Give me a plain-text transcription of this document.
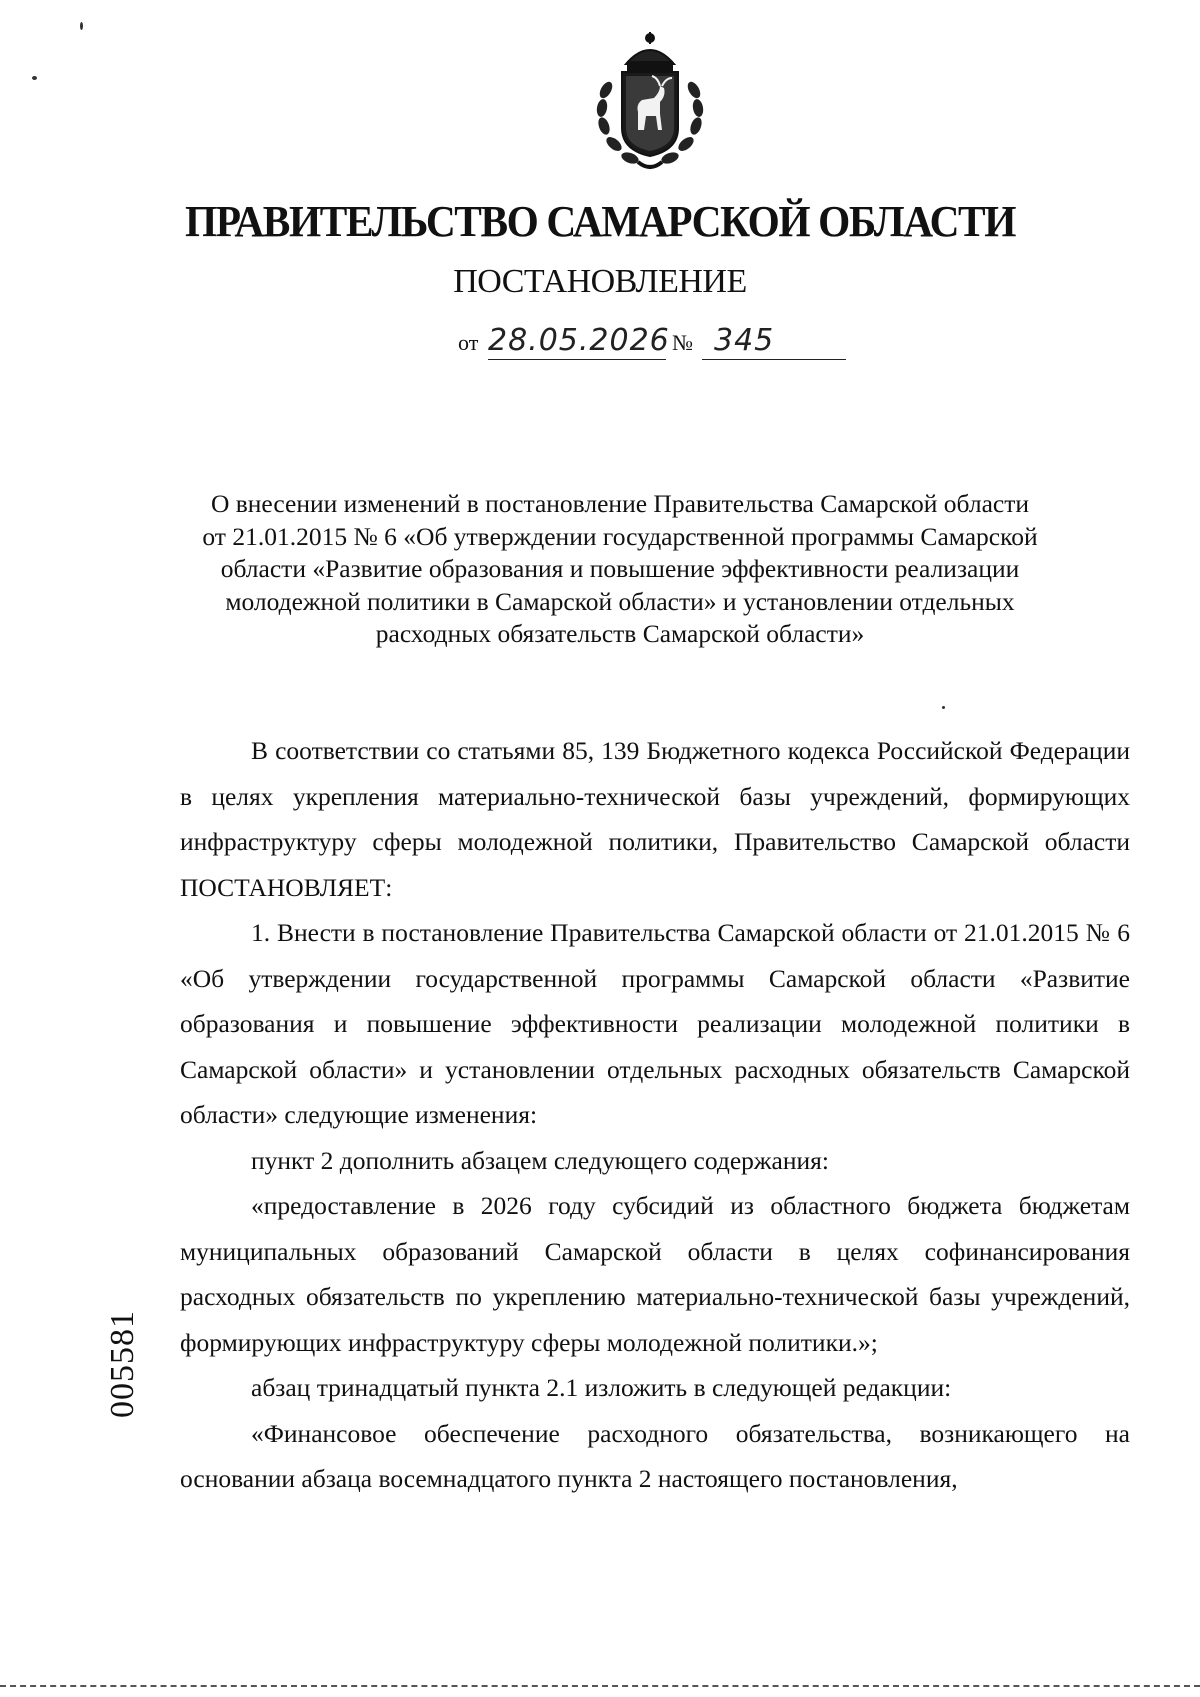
ПРАВИТЕЛЬСТВО САМАРСКОЙ ОБЛАСТИ
ПОСТАНОВЛЕНИЕ
от 28.05.2026 № 345
О внесении изменений в постановление Правительства Самарской области
от 21.01.2015 № 6 «Об утверждении государственной программы Самарской
области «Развитие образования и повышение эффективности реализации
молодежной политики в Самарской области» и установлении отдельных
расходных обязательств Самарской области»

В соответствии со статьями 85, 139 Бюджетного кодекса Российской Федерации в целях укрепления материально-технической базы учреждений, формирующих инфраструктуру сферы молодежной политики, Правительство Самарской области ПОСТАНОВЛЯЕТ:

1. Внести в постановление Правительства Самарской области от 21.01.2015 № 6 «Об утверждении государственной программы Самарской области «Развитие образования и повышение эффективности реализации молодежной политики в Самарской области» и установлении отдельных расходных обязательств Самарской области» следующие изменения:

пункт 2 дополнить абзацем следующего содержания:

«предоставление в 2026 году субсидий из областного бюджета бюджетам муниципальных образований Самарской области в целях софинансирования расходных обязательств по укреплению материально-технической базы учреждений, формирующих инфраструктуру сферы молодежной политики.»;

абзац тринадцатый пункта 2.1 изложить в следующей редакции:

«Финансовое обеспечение расходного обязательства, возникающего на основании абзаца восемнадцатого пункта 2 настоящего постановления,

005581
